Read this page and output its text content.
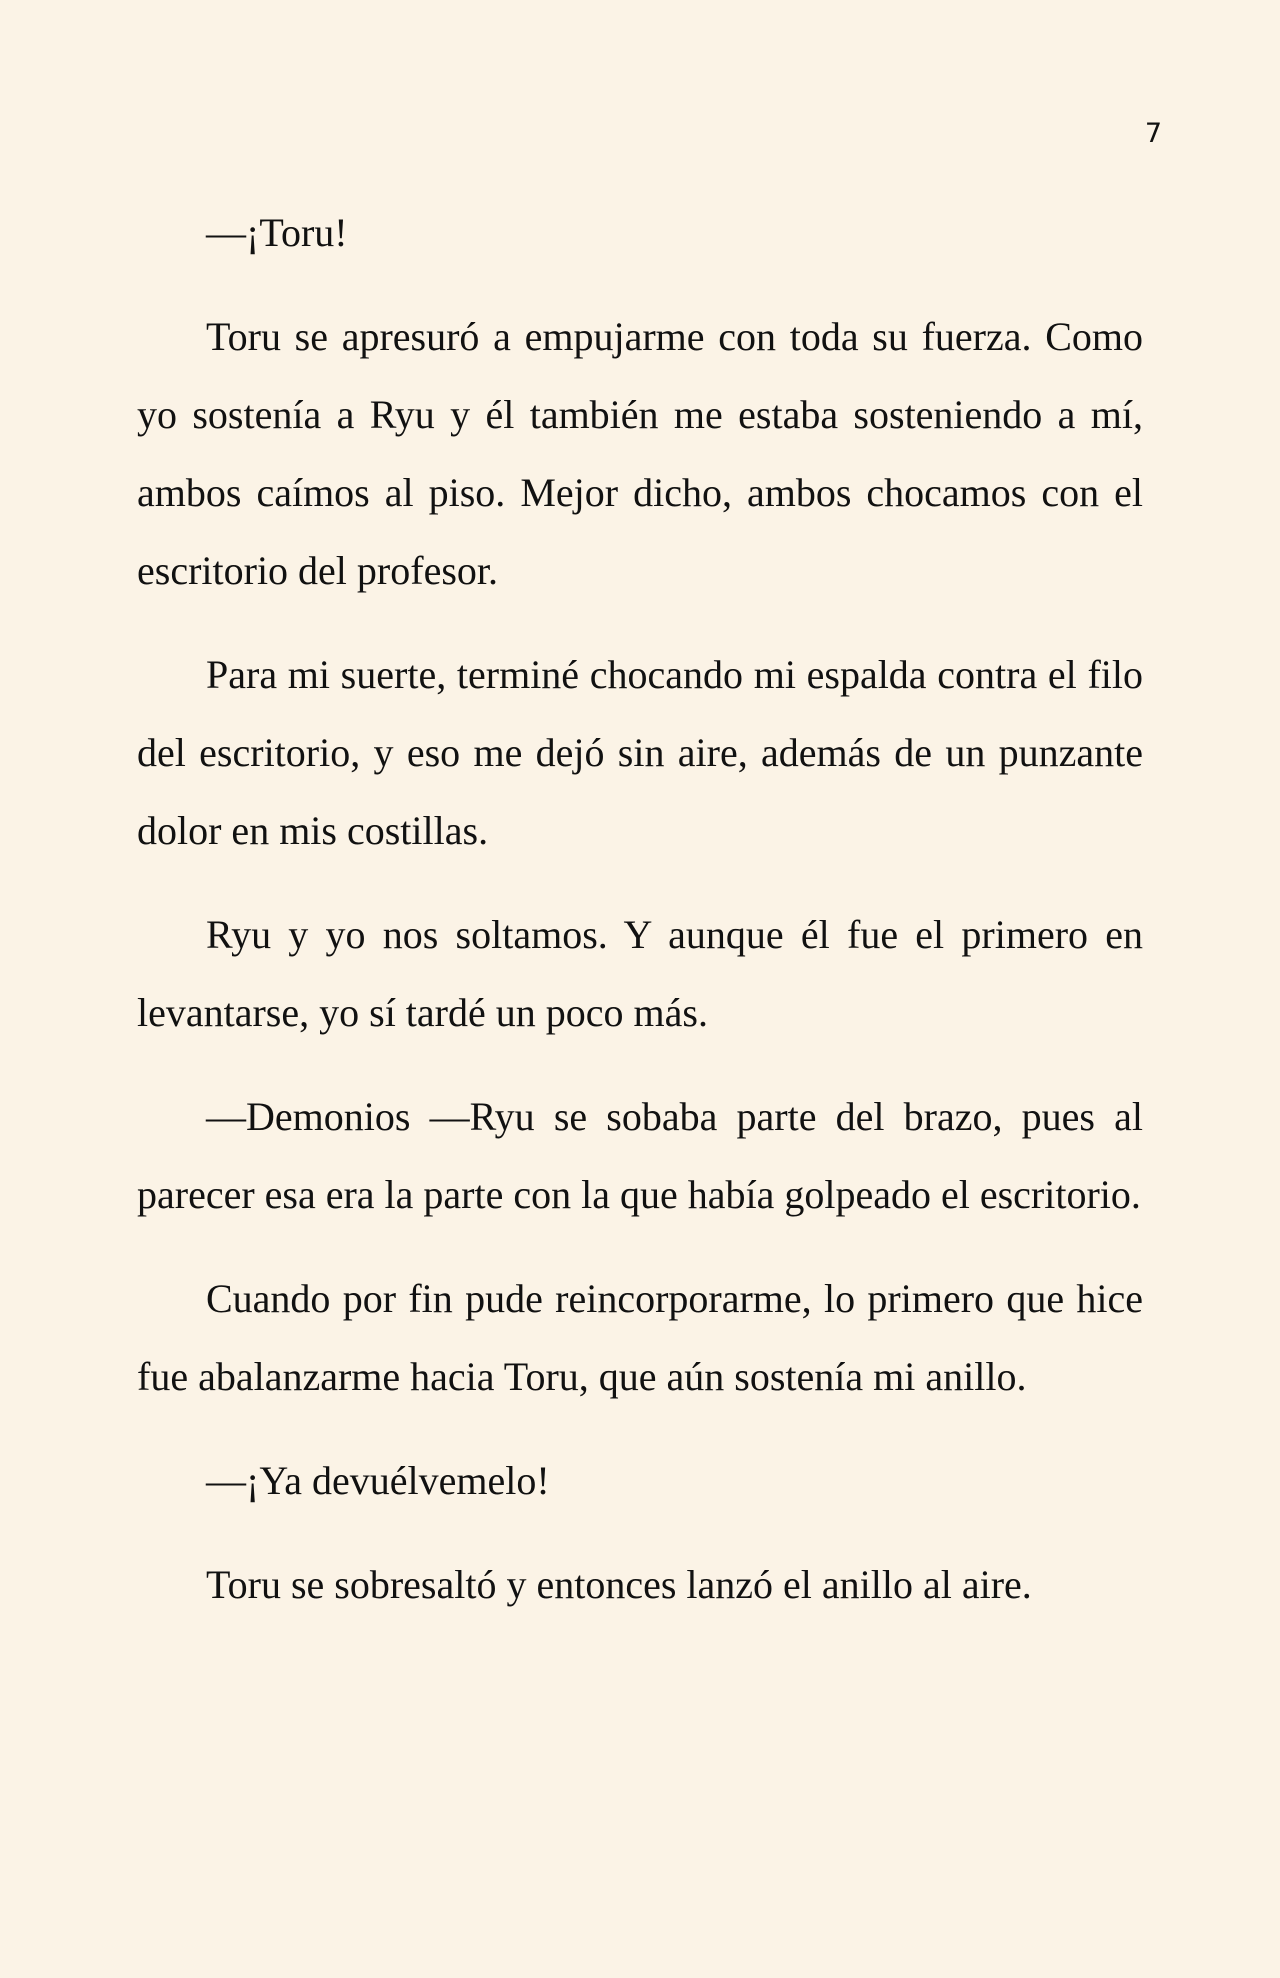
7

—¡Toru!

Toru se apresuró a empujarme con toda su fuerza. Como yo sostenía a Ryu y él también me estaba sosteniendo a mí, ambos caímos al piso. Mejor dicho, ambos chocamos con el escritorio del profesor.

Para mi suerte, terminé chocando mi espalda contra el filo del escritorio, y eso me dejó sin aire, además de un punzante dolor en mis costillas.

Ryu y yo nos soltamos. Y aunque él fue el primero en levantarse, yo sí tardé un poco más.

—Demonios —Ryu se sobaba parte del brazo, pues al parecer esa era la parte con la que había golpeado el escritorio.

Cuando por fin pude reincorporarme, lo primero que hice fue abalanzarme hacia Toru, que aún sostenía mi anillo.

—¡Ya devuélvemelo!

Toru se sobresaltó y entonces lanzó el anillo al aire.
